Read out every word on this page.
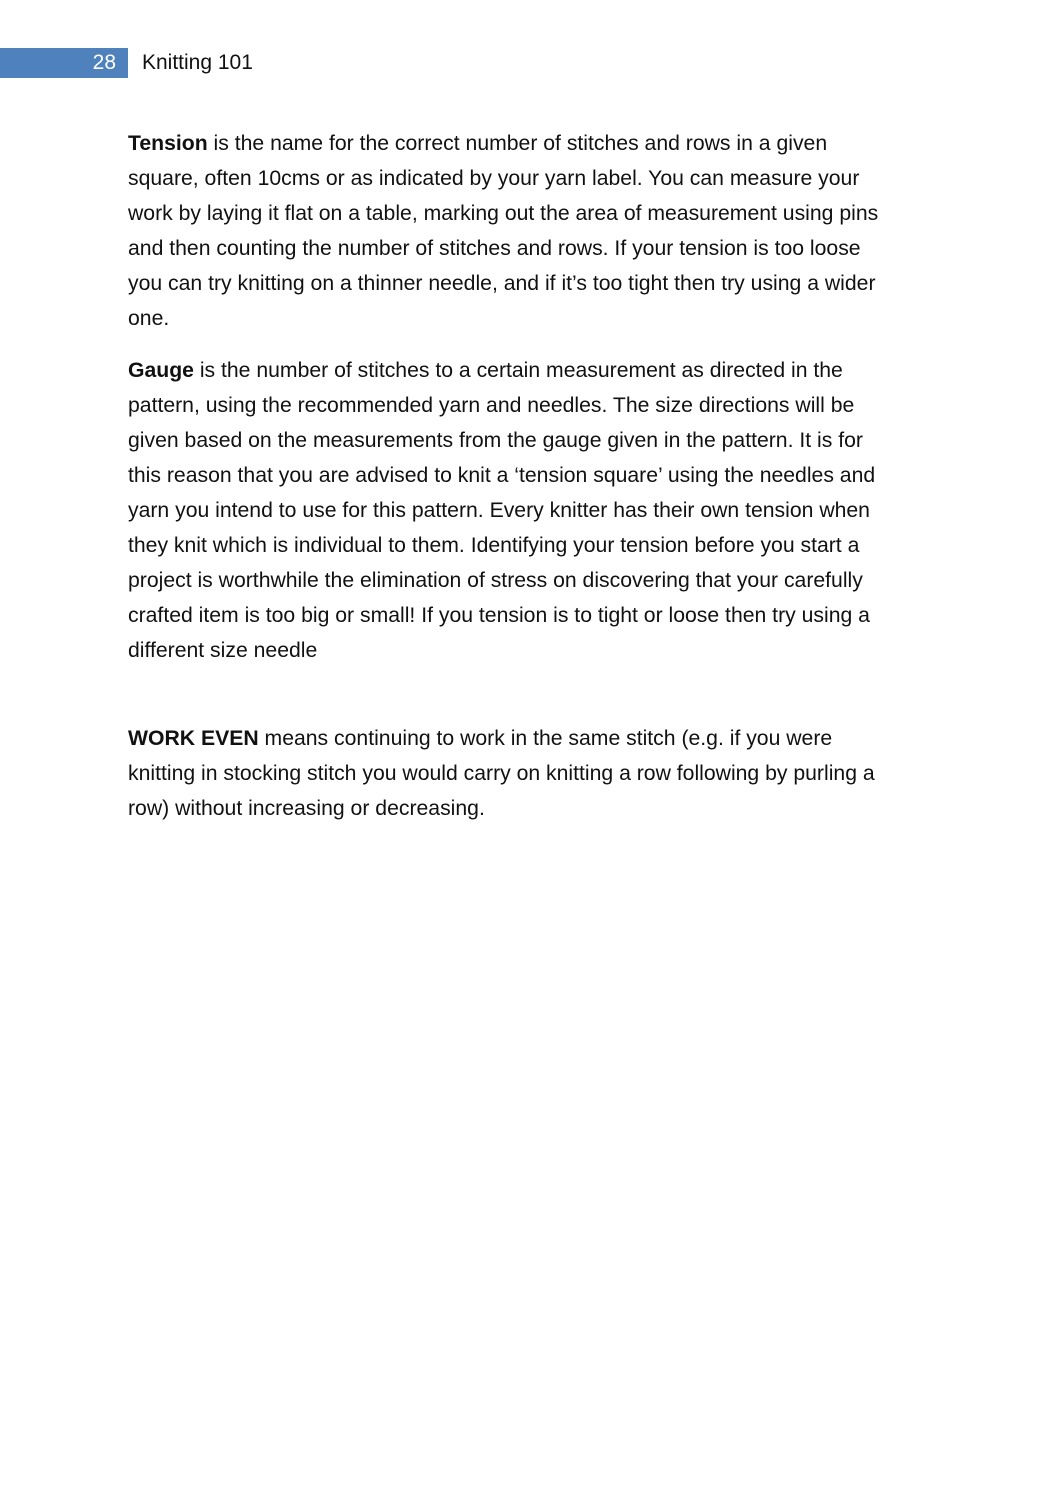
28 Knitting 101

Tension is the name for the correct number of stitches and rows in a given square, often 10cms or as indicated by your yarn label. You can measure your work by laying it flat on a table, marking out the area of measurement using pins and then counting the number of stitches and rows. If your tension is too loose you can try knitting on a thinner needle, and if it’s too tight then try using a wider one.

Gauge is the number of stitches to a certain measurement as directed in the pattern, using the recommended yarn and needles. The size directions will be given based on the measurements from the gauge given in the pattern. It is for this reason that you are advised to knit a ‘tension square’ using the needles and yarn you intend to use for this pattern. Every knitter has their own tension when they knit which is individual to them. Identifying your tension before you start a project is worthwhile the elimination of stress on discovering that your carefully crafted item is too big or small! If you tension is to tight or loose then try using a different size needle

WORK EVEN means continuing to work in the same stitch (e.g. if you were knitting in stocking stitch you would carry on knitting a row following by purling a row) without increasing or decreasing.
